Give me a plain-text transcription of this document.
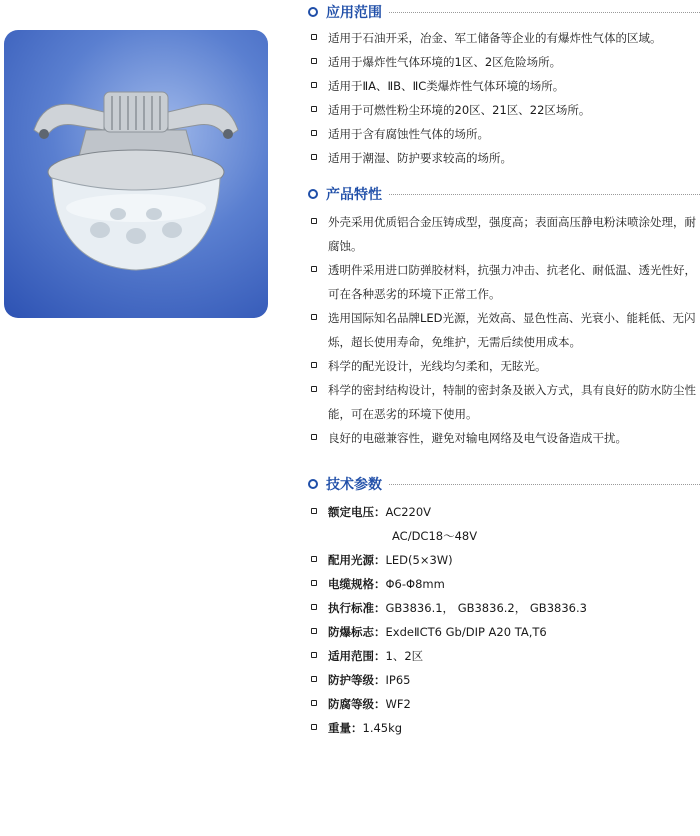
应用范围
适用于石油开采，冶金、军工储备等企业的有爆炸性气体的区域。
适用于爆炸性气体环境的1区、2区危险场所。
适用于ⅡA、ⅡB、ⅡC类爆炸性气体环境的场所。
适用于可燃性粉尘环境的20区、21区、22区场所。
适用于含有腐蚀性气体的场所。
适用于潮湿、防护要求较高的场所。
产品特性
外壳采用优质铝合金压铸成型，强度高；表面高压静电粉沫喷涂处理，耐腐蚀。
透明件采用进口防弹胶材料，抗强力冲击、抗老化、耐低温、透光性好，可在各种恶劣的环境下正常工作。
选用国际知名品牌LED光源，光效高、显色性高、光衰小、能耗低、无闪烁，超长使用寿命，免维护，无需后续使用成本。
科学的配光设计，光线均匀柔和，无眩光。
科学的密封结构设计，特制的密封条及嵌入方式，具有良好的防水防尘性能，可在恶劣的环境下使用。
良好的电磁兼容性，避免对输电网络及电气设备造成干扰。
技术参数
额定电压：AC220V
AC/DC18～48V
配用光源：LED(5×3W)
电缆规格：Φ6-Φ8mm
执行标准：GB3836.1， GB3836.2， GB3836.3
防爆标志：ExdeⅡCT6 Gb/DIP A20 TA,T6
适用范围：1、2区
防护等级：IP65
防腐等级：WF2
重量：1.45kg
